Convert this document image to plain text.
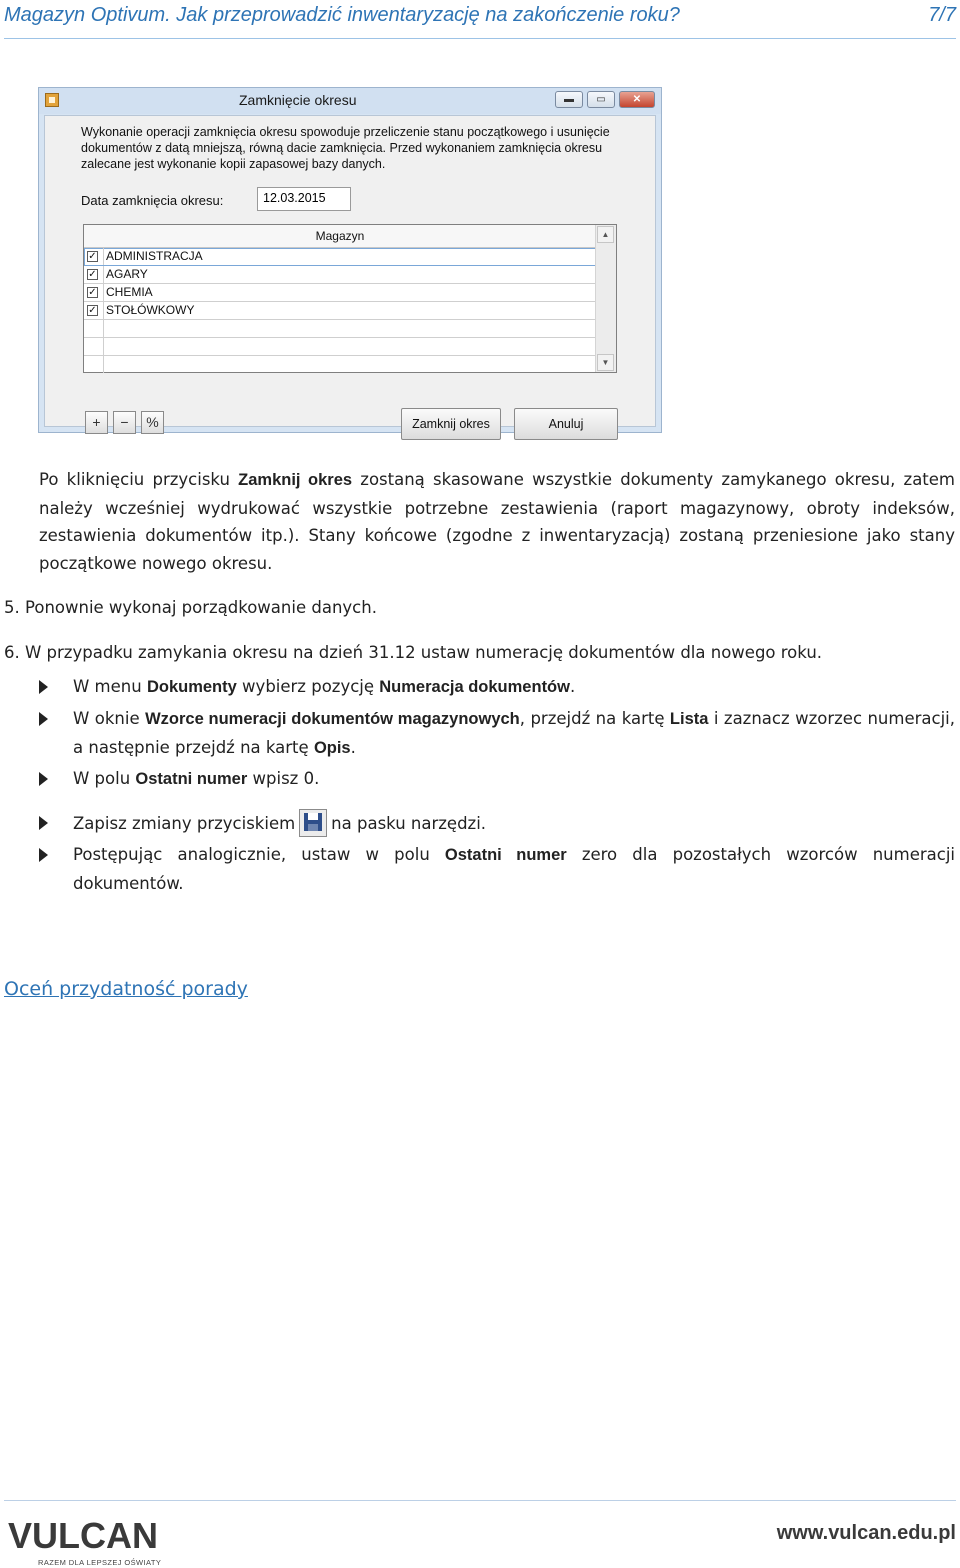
Magazyn Optivum. Jak przeprowadzić inwentaryzację na zakończenie roku?	7/7
Zamknięcie okresu	▬	▭	✕
Wykonanie operacji zamknięcia okresu spowoduje przeliczenie stanu początkowego i usunięcie dokumentów z datą mniejszą, równą dacie zamknięcia. Przed wykonaniem zamknięcia okresu zalecane jest wykonanie kopii zapasowej bazy danych.
Data zamknięcia okresu:	12.03.2015
Magazyn
✓ ADMINISTRACJA
✓ AGARY
✓ CHEMIA
✓ STOŁÓWKOWY
▲
▼
+	−	%	Zamknij okres	Anuluj
Po kliknięciu przycisku Zamknij okres zostaną skasowane wszystkie dokumenty zamykanego okresu, zatem należy wcześniej wydrukować wszystkie potrzebne zestawienia (raport magazynowy, obroty indeksów, zestawienia dokumentów itp.). Stany końcowe (zgodne z inwentaryzacją) zostaną przeniesione jako stany początkowe nowego okresu.
5. Ponownie wykonaj porządkowanie danych.
6. W przypadku zamykania okresu na dzień 31.12 ustaw numerację dokumentów dla nowego roku.
W menu Dokumenty wybierz pozycję Numeracja dokumentów.
W oknie Wzorce numeracji dokumentów magazynowych, przejdź na kartę Lista i zaznacz wzorzec numeracji, a następnie przejdź na kartę Opis.
W polu Ostatni numer wpisz 0.
Zapisz zmiany przyciskiem na pasku narzędzi.
Postępując analogicznie, ustaw w polu Ostatni numer zero dla pozostałych wzorców numeracji dokumentów.
Oceń przydatność porady
VULCAN
RAZEM DLA LEPSZEJ OŚWIATY
www.vulcan.edu.pl
